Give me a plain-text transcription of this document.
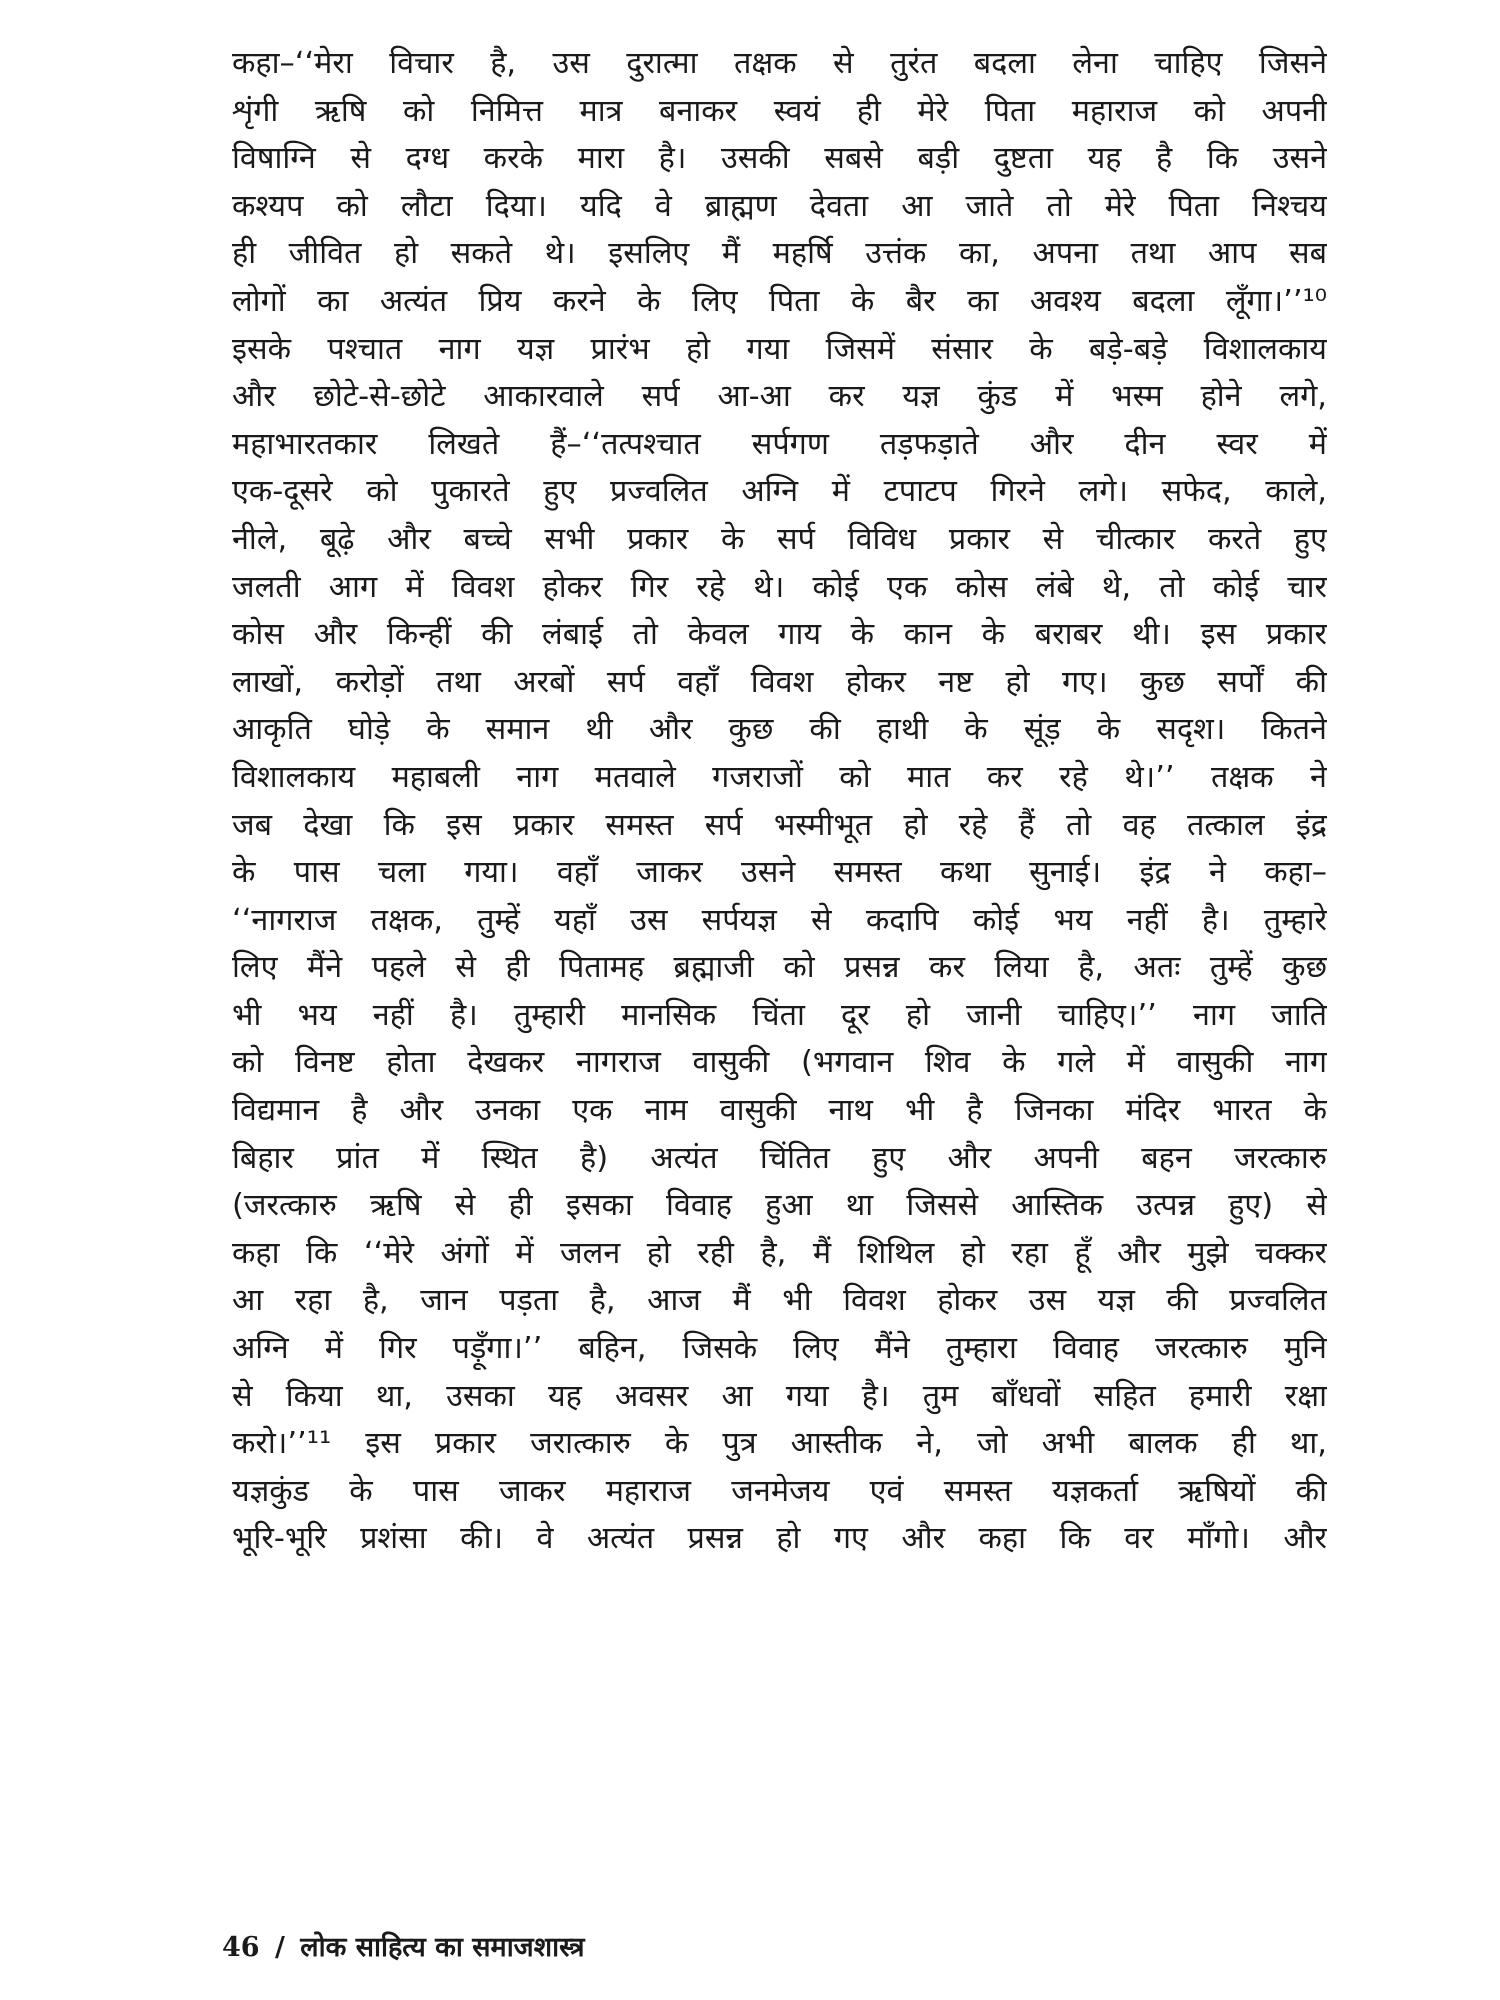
कहा–‘‘मेरा विचार है, उस दुरात्मा तक्षक से तुरंत बदला लेना चाहिए जिसने
शृंगी ऋषि को निमित्त मात्र बनाकर स्वयं ही मेरे पिता महाराज को अपनी
विषाग्नि से दग्ध करके मारा है। उसकी सबसे बड़ी दुष्टता यह है कि उसने
कश्यप को लौटा दिया। यदि वे ब्राह्मण देवता आ जाते तो मेरे पिता निश्चय
ही जीवित हो सकते थे। इसलिए मैं महर्षि उत्तंक का, अपना तथा आप सब
लोगों का अत्यंत प्रिय करने के लिए पिता के बैर का अवश्य बदला लूँगा।’’¹⁰
इसके पश्चात नाग यज्ञ प्रारंभ हो गया जिसमें संसार के बड़े-बड़े विशालकाय
और छोटे-से-छोटे आकारवाले सर्प आ-आ कर यज्ञ कुंड में भस्म होने लगे,
महाभारतकार लिखते हैं–‘‘तत्पश्चात सर्पगण तड़फड़ाते और दीन स्वर में
एक-दूसरे को पुकारते हुए प्रज्वलित अग्नि में टपाटप गिरने लगे। सफेद, काले,
नीले, बूढ़े और बच्चे सभी प्रकार के सर्प विविध प्रकार से चीत्कार करते हुए
जलती आग में विवश होकर गिर रहे थे। कोई एक कोस लंबे थे, तो कोई चार
कोस और किन्हीं की लंबाई तो केवल गाय के कान के बराबर थी। इस प्रकार
लाखों, करोड़ों तथा अरबों सर्प वहाँ विवश होकर नष्ट हो गए। कुछ सर्पों की
आकृति घोड़े के समान थी और कुछ की हाथी के सूंड़ के सदृश। कितने
विशालकाय महाबली नाग मतवाले गजराजों को मात कर रहे थे।’’ तक्षक ने
जब देखा कि इस प्रकार समस्त सर्प भस्मीभूत हो रहे हैं तो वह तत्काल इंद्र
के पास चला गया। वहाँ जाकर उसने समस्त कथा सुनाई। इंद्र ने कहा–
‘‘नागराज तक्षक, तुम्हें यहाँ उस सर्पयज्ञ से कदापि कोई भय नहीं है। तुम्हारे
लिए मैंने पहले से ही पितामह ब्रह्माजी को प्रसन्न कर लिया है, अतः तुम्हें कुछ
भी भय नहीं है। तुम्हारी मानसिक चिंता दूर हो जानी चाहिए।’’ नाग जाति
को विनष्ट होता देखकर नागराज वासुकी (भगवान शिव के गले में वासुकी नाग
विद्यमान है और उनका एक नाम वासुकी नाथ भी है जिनका मंदिर भारत के
बिहार प्रांत में स्थित है) अत्यंत चिंतित हुए और अपनी बहन जरत्कारु
(जरत्कारु ऋषि से ही इसका विवाह हुआ था जिससे आस्तिक उत्पन्न हुए) से
कहा कि ‘‘मेरे अंगों में जलन हो रही है, मैं शिथिल हो रहा हूँ और मुझे चक्कर
आ रहा है, जान पड़ता है, आज मैं भी विवश होकर उस यज्ञ की प्रज्वलित
अग्नि में गिर पड़ूँगा।’’ बहिन, जिसके लिए मैंने तुम्हारा विवाह जरत्कारु मुनि
से किया था, उसका यह अवसर आ गया है। तुम बाँधवों सहित हमारी रक्षा
करो।’’¹¹ इस प्रकार जरात्कारु के पुत्र आस्तीक ने, जो अभी बालक ही था,
यज्ञकुंड के पास जाकर महाराज जनमेजय एवं समस्त यज्ञकर्ता ऋषियों की
भूरि-भूरि प्रशंसा की। वे अत्यंत प्रसन्न हो गए और कहा कि वर माँगो। और
46 / लोक साहित्य का समाजशास्त्र
